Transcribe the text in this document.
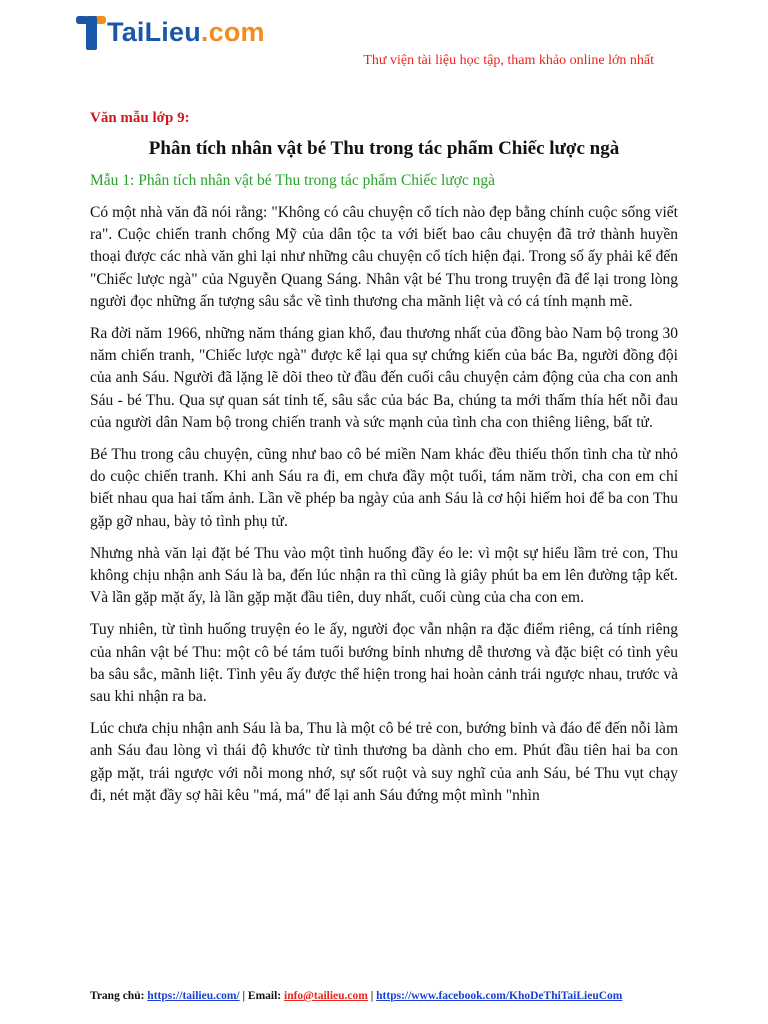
TaiLieu.com
Thư viện tài liệu học tập, tham khảo online lớn nhất
Văn mẫu lớp 9:
Phân tích nhân vật bé Thu trong tác phẩm Chiếc lược ngà
Mẫu 1: Phân tích nhân vật bé Thu trong tác phẩm Chiếc lược ngà

Có một nhà văn đã nói rằng: "Không có câu chuyện cổ tích nào đẹp bằng chính cuộc sống viết ra". Cuộc chiến tranh chống Mỹ của dân tộc ta với biết bao câu chuyện đã trở thành huyền thoại được các nhà văn ghi lại như những câu chuyện cổ tích hiện đại. Trong số ấy phải kể đến "Chiếc lược ngà" của Nguyễn Quang Sáng. Nhân vật bé Thu trong truyện đã để lại trong lòng người đọc những ấn tượng sâu sắc về tình thương cha mãnh liệt và có cá tính mạnh mẽ.

Ra đời năm 1966, những năm tháng gian khổ, đau thương nhất của đồng bào Nam bộ trong 30 năm chiến tranh, "Chiếc lược ngà" được kể lại qua sự chứng kiến của bác Ba, người đồng đội của anh Sáu. Người đã lặng lẽ dõi theo từ đầu đến cuối câu chuyện cảm động của cha con anh Sáu - bé Thu. Qua sự quan sát tinh tế, sâu sắc của bác Ba, chúng ta mới thấm thía hết nỗi đau của người dân Nam bộ trong chiến tranh và sức mạnh của tình cha con thiêng liêng, bất tử.

Bé Thu trong câu chuyện, cũng như bao cô bé miền Nam khác đều thiếu thốn tình cha từ nhỏ do cuộc chiến tranh. Khi anh Sáu ra đi, em chưa đầy một tuổi, tám năm trời, cha con em chỉ biết nhau qua hai tấm ảnh. Lần về phép ba ngày của anh Sáu là cơ hội hiếm hoi để ba con Thu gặp gỡ nhau, bày tỏ tình phụ tử.

Nhưng nhà văn lại đặt bé Thu vào một tình huống đầy éo le: vì một sự hiểu lầm trẻ con, Thu không chịu nhận anh Sáu là ba, đến lúc nhận ra thì cũng là giây phút ba em lên đường tập kết. Và lần gặp mặt ấy, là lần gặp mặt đầu tiên, duy nhất, cuối cùng của cha con em.

Tuy nhiên, từ tình huống truyện éo le ấy, người đọc vẫn nhận ra đặc điểm riêng, cá tính riêng của nhân vật bé Thu: một cô bé tám tuổi bướng bỉnh nhưng dễ thương và đặc biệt có tình yêu ba sâu sắc, mãnh liệt. Tình yêu ấy được thể hiện trong hai hoàn cảnh trái ngược nhau, trước và sau khi nhận ra ba.

Lúc chưa chịu nhận anh Sáu là ba, Thu là một cô bé trẻ con, bướng bỉnh và đáo để đến nỗi làm anh Sáu đau lòng vì thái độ khước từ tình thương ba dành cho em. Phút đầu tiên hai ba con gặp mặt, trái ngược với nỗi mong nhớ, sự sốt ruột và suy nghĩ của anh Sáu, bé Thu vụt chạy đi, nét mặt đầy sợ hãi kêu "má, má" để lại anh Sáu đứng một mình "nhìn

Trang chủ: https://tailieu.com/ | Email: info@tailieu.com | https://www.facebook.com/KhoDeThiTaiLieuCom
